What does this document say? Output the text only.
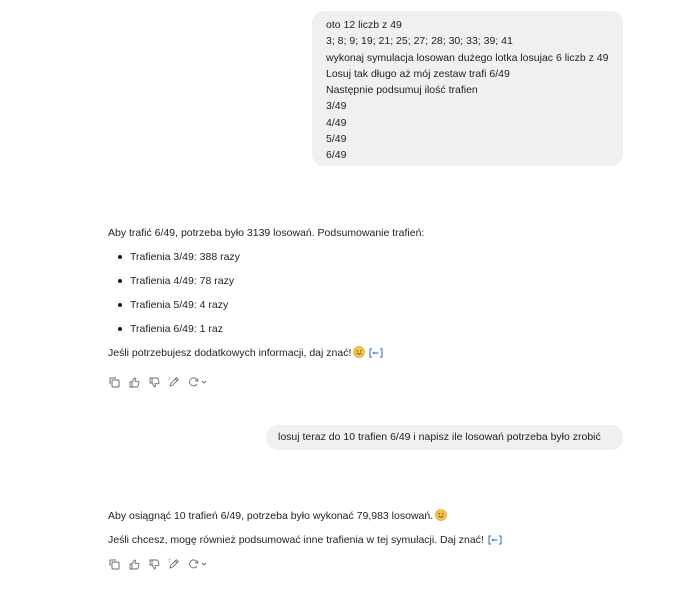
oto 12 liczb z 49
3; 8; 9; 19; 21; 25; 27; 28; 30; 33; 39; 41
wykonaj symulacja losowan dużego lotka losujac 6 liczb z 49
Losuj tak długo aż mój zestaw trafi 6/49
Następnie podsumuj ilość trafien
3/49
4/49
5/49
6/49
Aby trafić 6/49, potrzeba było 3139 losowań. Podsumowanie trafień:
Trafienia 3/49: 388 razy
Trafienia 4/49: 78 razy
Trafienia 5/49: 4 razy
Trafienia 6/49: 1 raz
Jeśli potrzebujesz dodatkowych informacji, daj znać!
losuj teraz do 10 trafien 6/49 i napisz ile losowań potrzeba było zrobić
Aby osiągnąć 10 trafień 6/49, potrzeba było wykonać 79,983 losowań.
Jeśli chcesz, mogę również podsumować inne trafienia w tej symulacji. Daj znać!
